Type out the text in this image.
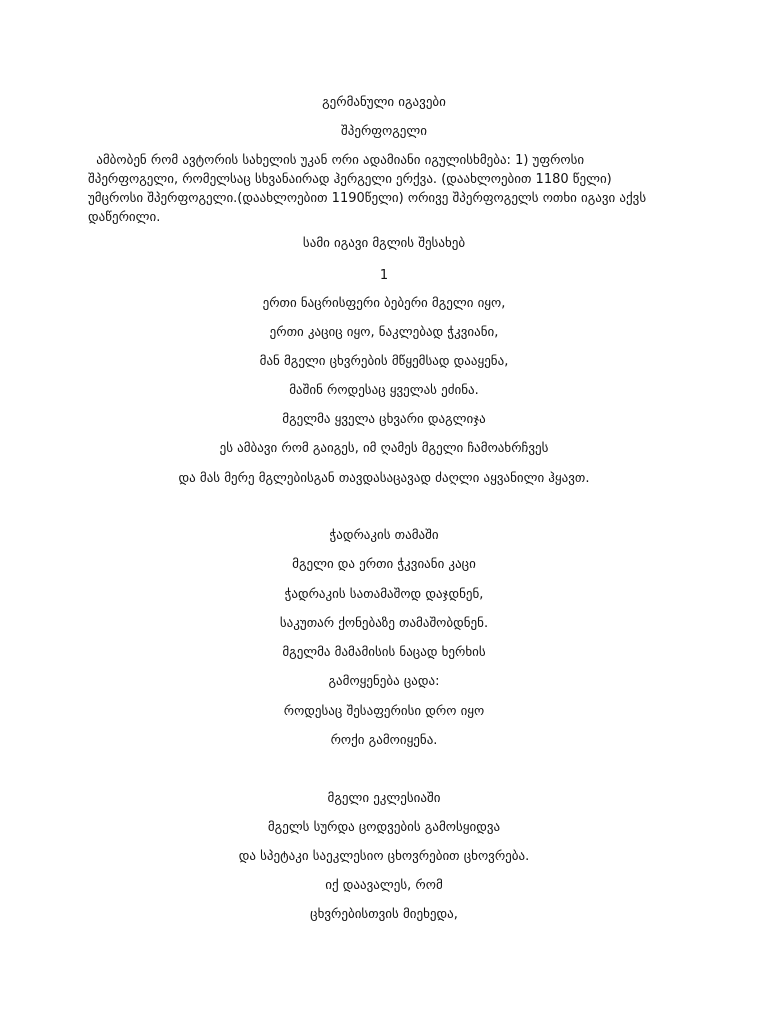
გერმანული იგავები
შპერფოგელი

ამბობენ რომ ავტორის სახელის უკან ორი ადამიანი იგულისხმება: 1) უფროსი

შპერფოგელი, რომელსაც სხვანაირად ჰერგელი ერქვა. (დაახლოებით 1180 წელი)

უმცროსი შპერფოგელი.(დაახლოებით 1190წელი) ორივე შპერფოგელს ოთხი იგავი აქვს

დაწერილი.

სამი იგავი მგლის შესახებ
1
ერთი ნაცრისფერი ბებერი მგელი იყო,
ერთი კაციც იყო, ნაკლებად ჭკვიანი,
მან მგელი ცხვრების მწყემსად დააყენა,
მაშინ როდესაც ყველას ეძინა.
მგელმა ყველა ცხვარი დაგლიჯა
ეს ამბავი რომ გაიგეს, იმ ღამეს მგელი ჩამოახრჩვეს
და მას მერე მგლებისგან თავდასაცავად ძაღლი აყვანილი ჰყავთ.
ჭადრაკის თამაში
მგელი და ერთი ჭკვიანი კაცი
ჭადრაკის სათამაშოდ დაჯდნენ,
საკუთარ ქონებაზე თამაშობდნენ.
მგელმა მამამისის ნაცად ხერხის
გამოყენება ცადა:
როდესაც შესაფერისი დრო იყო
როქი გამოიყენა.
მგელი ეკლესიაში
მგელს სურდა ცოდვების გამოსყიდვა
და სპეტაკი საეკლესიო ცხოვრებით ცხოვრება.
იქ დაავალეს, რომ
ცხვრებისთვის მიეხედა,
